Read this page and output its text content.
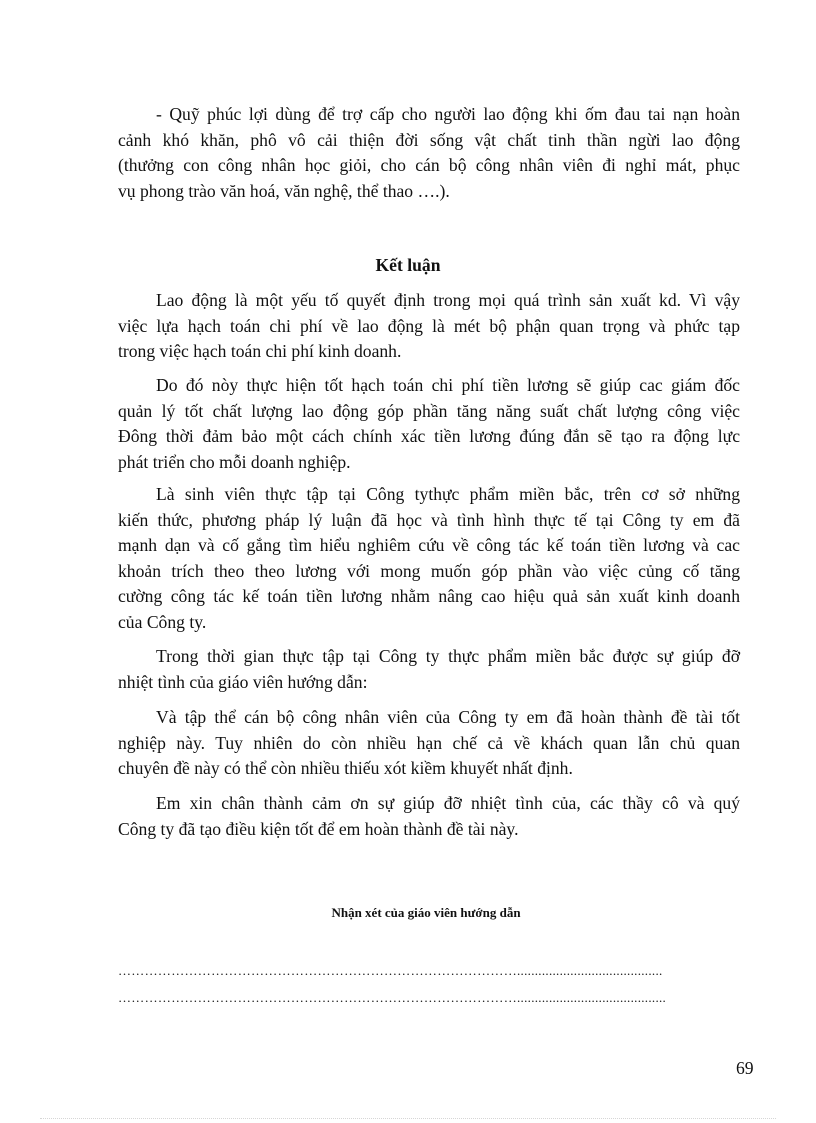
- Quỹ phúc lợi dùng để trợ cấp cho người lao động khi ốm đau tai nạn hoàn
cảnh khó khăn, phô vô cải thiện đời sống vật chất tinh thần ngừi lao động
(thưởng con công nhân học giỏi, cho cán bộ công nhân viên đi nghỉ mát, phục
vụ phong trào văn hoá, văn nghệ, thể thao ….).

Kết luận

Lao động là một yếu tố quyết định trong mọi quá trình sản xuất kd. Vì vậy
việc lựa hạch toán chi phí về lao động là mét bộ phận quan trọng và phức tạp
trong việc hạch toán chi phí kinh doanh.

Do đó nòy thực hiện tốt hạch toán chi phí tiền lương sẽ giúp cac giám đốc
quản lý tốt chất lượng lao động góp phần tăng năng suất chất lượng công việc
Đông thời đảm bảo một cách chính xác tiền lương đúng đắn sẽ tạo ra động lực
phát triển cho mỗi doanh nghiệp.

Là sinh viên thực tập tại Công tythực phẩm miền bắc, trên cơ sở những
kiến thức, phương pháp lý luận đã học và tình hình thực tế tại Công ty em đã
mạnh dạn và cố gắng tìm hiểu nghiêm cứu về công tác kế toán tiền lương và cac
khoản trích theo theo lương với mong muốn góp phần vào việc củng cố tăng
cường công tác kế toán tiền lương nhằm nâng cao hiệu quả sản xuất kinh doanh
của Công ty.

Trong thời gian thực tập tại Công ty thực phẩm miền bắc được sự giúp đỡ
nhiệt tình của giáo viên hướng dẫn:

Và tập thể cán bộ công nhân viên của Công ty em đã hoàn thành đề tài tốt
nghiệp này. Tuy nhiên do còn nhiều hạn chế cả về khách quan lẫn chủ quan
chuyên đề này có thể còn nhiều thiếu xót kiềm khuyết nhất định.

Em xin chân thành cảm ơn sự giúp đỡ nhiệt tình của, các thầy cô và quý
Công ty đã tạo điều kiện tốt để em hoàn thành đề tài này.

Nhận xét của giáo viên hướng dẫn
……………………………………………………………………………….........................................
………………………………………………………………………………..........................................
69
